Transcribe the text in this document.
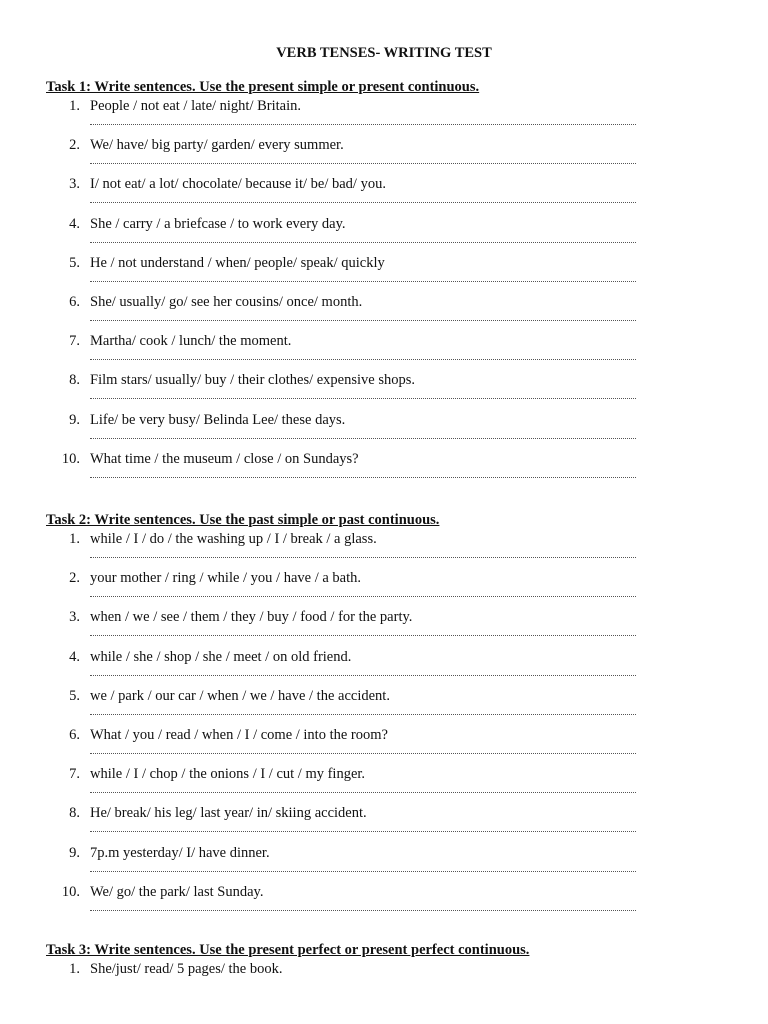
VERB TENSES- WRITING TEST
Task 1: Write sentences. Use the present simple or present continuous.
1. People / not eat / late/ night/ Britain.
2. We/ have/ big party/ garden/ every summer.
3. I/ not eat/ a lot/ chocolate/ because it/ be/ bad/ you.
4. She / carry / a briefcase / to work every day.
5. He / not understand / when/ people/ speak/ quickly
6. She/ usually/ go/ see her cousins/ once/ month.
7. Martha/ cook / lunch/ the moment.
8. Film stars/ usually/ buy / their clothes/ expensive shops.
9. Life/ be very busy/ Belinda Lee/ these days.
10. What time / the museum / close / on Sundays?
Task 2: Write sentences. Use the past simple or past continuous.
1. while / I / do / the washing up / I / break / a glass.
2. your mother / ring / while / you / have / a bath.
3. when / we / see / them / they / buy / food / for the party.
4. while / she / shop / she / meet / on old friend.
5. we / park / our car / when / we / have / the accident.
6. What / you / read / when / I / come / into the room?
7. while / I / chop / the onions / I / cut / my finger.
8. He/ break/ his leg/ last year/ in/ skiing accident.
9. 7p.m yesterday/ I/ have dinner.
10. We/ go/ the park/ last Sunday.
Task 3: Write sentences. Use the present perfect or present perfect continuous.
1. She/just/ read/ 5 pages/ the book.
